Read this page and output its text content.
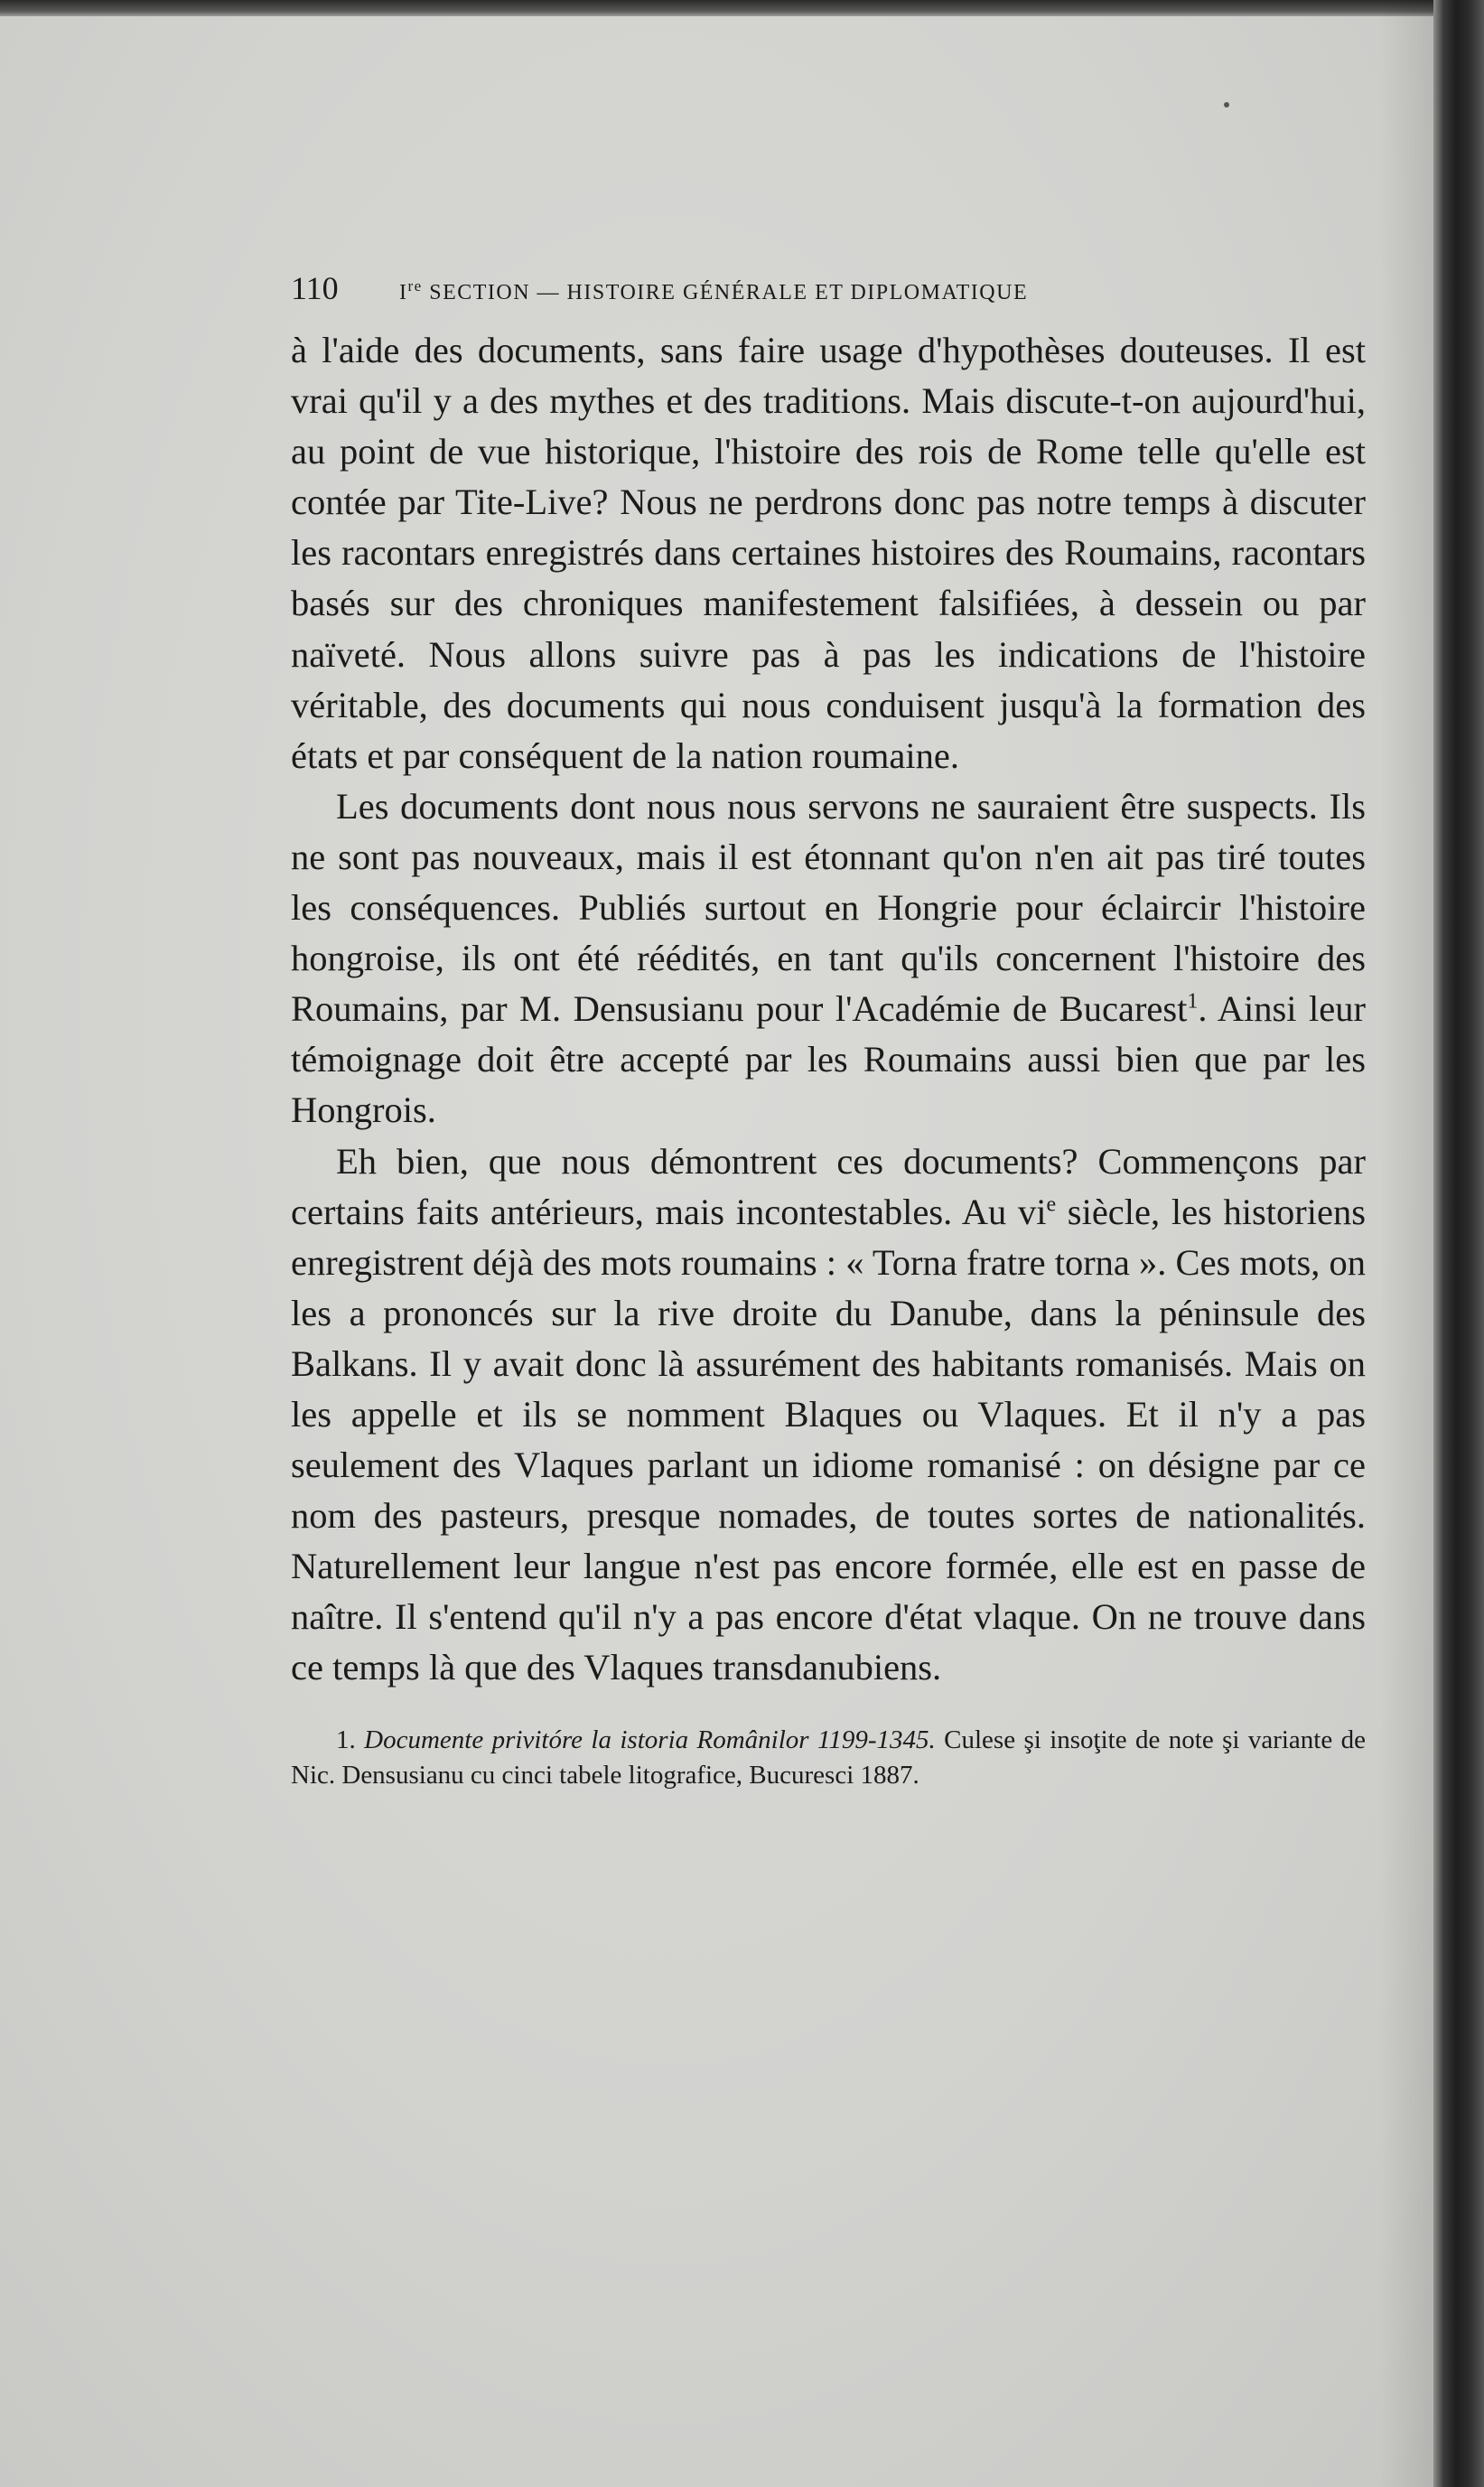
110	Ire SECTION — HISTOIRE GÉNÉRALE ET DIPLOMATIQUE

à l'aide des documents, sans faire usage d'hypothèses douteuses. Il est vrai qu'il y a des mythes et des traditions. Mais discute-t-on aujourd'hui, au point de vue historique, l'histoire des rois de Rome telle qu'elle est contée par Tite-Live? Nous ne perdrons donc pas notre temps à discuter les racontars enregistrés dans certaines histoires des Roumains, racontars basés sur des chroniques manifestement falsifiées, à dessein ou par naïveté. Nous allons suivre pas à pas les indications de l'histoire véritable, des documents qui nous conduisent jusqu'à la formation des états et par conséquent de la nation roumaine.

Les documents dont nous nous servons ne sauraient être suspects. Ils ne sont pas nouveaux, mais il est étonnant qu'on n'en ait pas tiré toutes les conséquences. Publiés surtout en Hongrie pour éclaircir l'histoire hongroise, ils ont été réédités, en tant qu'ils concernent l'histoire des Roumains, par M. Densusianu pour l'Académie de Bucarest$^1$. Ainsi leur témoignage doit être accepté par les Roumains aussi bien que par les Hongrois.

Eh bien, que nous démontrent ces documents? Commençons par certains faits antérieurs, mais incontestables. Au $vi^e$ siècle, les historiens enregistrent déjà des mots roumains : « Torna fratre torna ». Ces mots, on les a prononcés sur la rive droite du Danube, dans la péninsule des Balkans. Il y avait donc là assurément des habitants romanisés. Mais on les appelle et ils se nomment Blaques ou Vlaques. Et il n'y a pas seulement des Vlaques parlant un idiome romanisé : on désigne par ce nom des pasteurs, presque nomades, de toutes sortes de nationalités. Naturellement leur langue n'est pas encore formée, elle est en passe de naître. Il s'entend qu'il n'y a pas encore d'état vlaque. On ne trouve dans ce temps là que des Vlaques transdanubiens.

1. Documente privitóre la istoria Românilor 1199-1345. Culese şi insoţite de note şi variante de Nic. Densusianu cu cinci tabele litografice, Bucuresci 1887.
